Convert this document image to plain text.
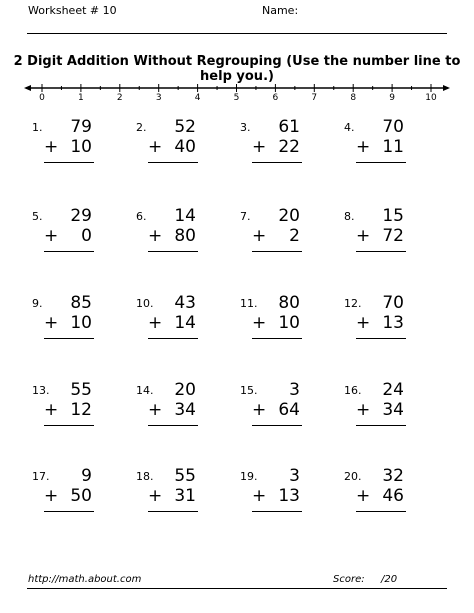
Worksheet # 10	Name:
2 Digit Addition Without Regrouping (Use the number line to help you.)
0	1	2	3	4	5	6	7	8	9	10
1. 79
+ 10
2. 52
+ 40
3. 61
+ 22
4. 70
+ 11
5. 29
+ 0
6. 14
+ 80
7. 20
+ 2
8. 15
+ 72
9. 85
+ 10
10. 43
+ 14
11. 80
+ 10
12. 70
+ 13
13. 55
+ 12
14. 20
+ 34
15. 3
+ 64
16. 24
+ 34
17. 9
+ 50
18. 55
+ 31
19. 3
+ 13
20. 32
+ 46
http://math.about.com	Score: /20
